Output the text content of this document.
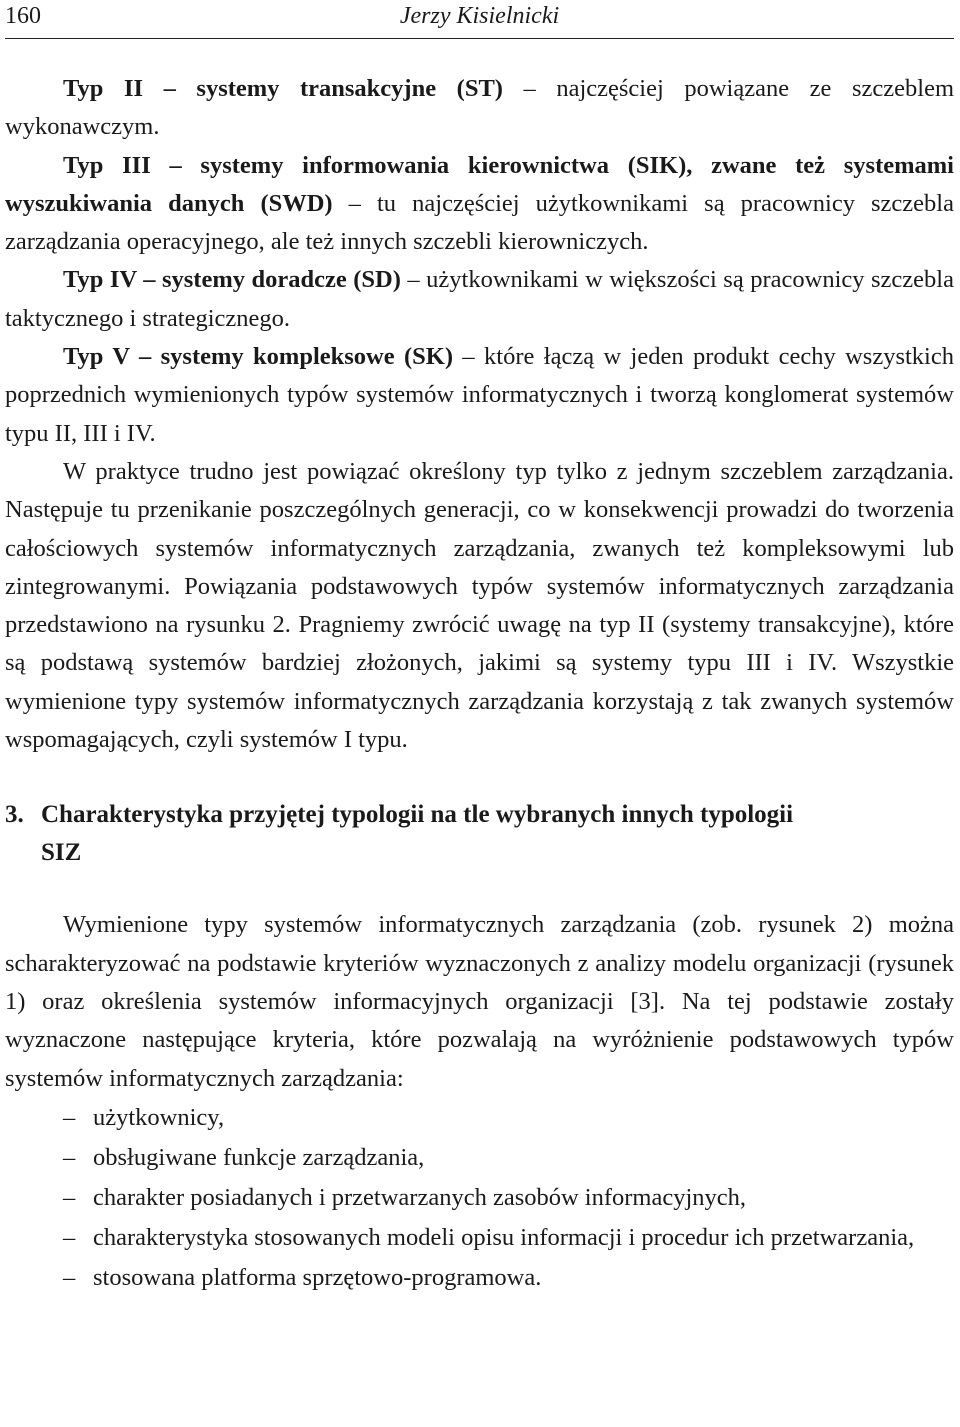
160	Jerzy Kisielnicki

Typ II – systemy transakcyjne (ST) – najczęściej powiązane ze szczeblem wykonawczym.

Typ III – systemy informowania kierownictwa (SIK), zwane też systemami wyszukiwania danych (SWD) – tu najczęściej użytkownikami są pracownicy szczebla zarządzania operacyjnego, ale też innych szczebli kierowniczych.

Typ IV – systemy doradcze (SD) – użytkownikami w większości są pracownicy szczebla taktycznego i strategicznego.

Typ V – systemy kompleksowe (SK) – które łączą w jeden produkt cechy wszystkich poprzednich wymienionych typów systemów informatycznych i tworzą konglomerat systemów typu II, III i IV.

W praktyce trudno jest powiązać określony typ tylko z jednym szczeblem zarządzania. Następuje tu przenikanie poszczególnych generacji, co w konsekwencji prowadzi do tworzenia całościowych systemów informatycznych zarządzania, zwanych też kompleksowymi lub zintegrowanymi. Powiązania podstawowych typów systemów informatycznych zarządzania przedstawiono na rysunku 2. Pragniemy zwrócić uwagę na typ II (systemy transakcyjne), które są podstawą systemów bardziej złożonych, jakimi są systemy typu III i IV. Wszystkie wymienione typy systemów informatycznych zarządzania korzystają z tak zwanych systemów wspomagających, czyli systemów I typu.

3. Charakterystyka przyjętej typologii na tle wybranych innych typologii SIZ

Wymienione typy systemów informatycznych zarządzania (zob. rysunek 2) można scharakteryzować na podstawie kryteriów wyznaczonych z analizy modelu organizacji (rysunek 1) oraz określenia systemów informacyjnych organizacji [3]. Na tej podstawie zostały wyznaczone następujące kryteria, które pozwalają na wyróżnienie podstawowych typów systemów informatycznych zarządzania:

– użytkownicy,
– obsługiwane funkcje zarządzania,
– charakter posiadanych i przetwarzanych zasobów informacyjnych,
– charakterystyka stosowanych modeli opisu informacji i procedur ich przetwarzania,
– stosowana platforma sprzętowo-programowa.
